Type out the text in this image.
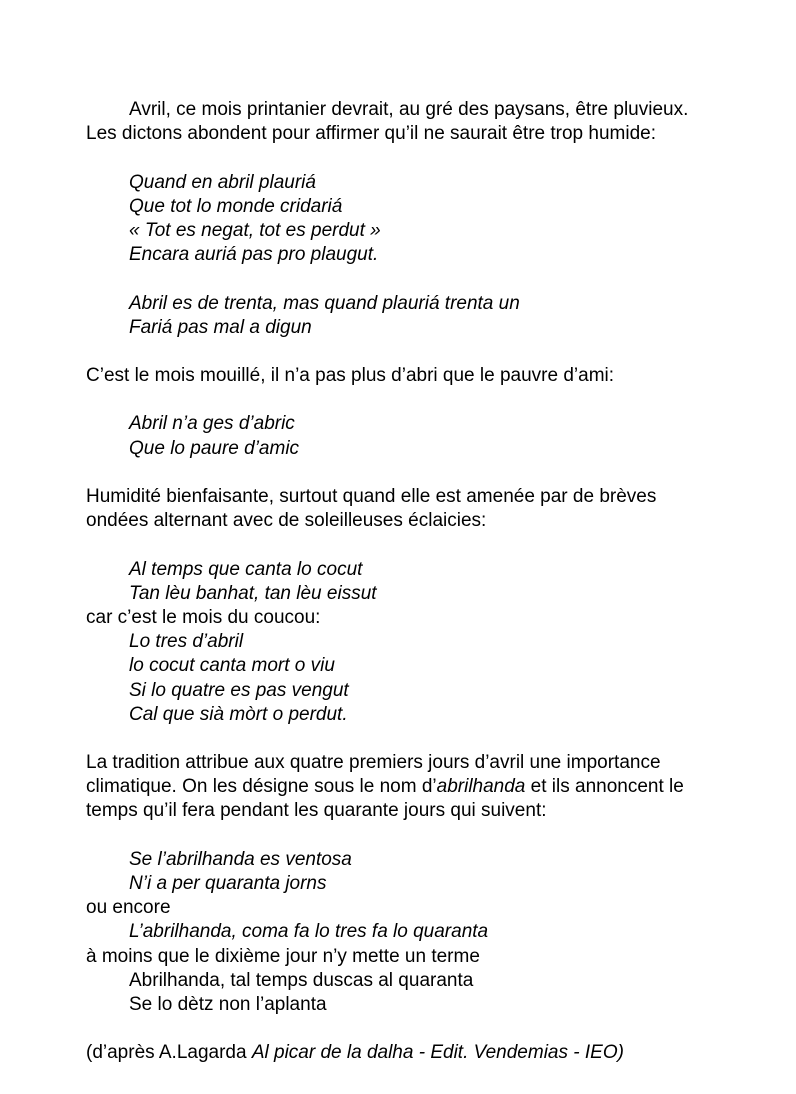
Avril, ce mois printanier devrait, au gré des paysans, être pluvieux.
Les dictons abondent pour affirmer qu’il ne saurait être trop humide:
Quand en abril plauriá
Que tot lo monde cridariá
« Tot es negat, tot es perdut »
Encara auriá pas pro plaugut.
Abril es de trenta, mas quand plauriá trenta un
Fariá pas mal a digun
C’est le mois mouillé, il n’a pas plus d’abri que le pauvre d’ami:
Abril n’a ges d’abric
Que lo paure d’amic
Humidité bienfaisante, surtout quand elle est amenée par de brèves
ondées alternant avec de soleilleuses éclaicies:
Al temps que canta lo cocut
Tan lèu banhat, tan lèu eissut
car c’est le mois du coucou:
Lo tres d’abril
lo cocut canta mort o viu
Si lo quatre es pas vengut
Cal que sià mòrt o perdut.
La tradition attribue aux quatre premiers jours d’avril une importance
climatique. On les désigne sous le nom d’abrilhanda et ils annoncent le
temps qu’il fera pendant les quarante jours qui suivent:
Se l’abrilhanda es ventosa
N’i a per quaranta jorns
ou encore
L’abrilhanda, coma fa lo tres fa lo quaranta
à moins que le dixième jour n’y mette un terme
Abrilhanda, tal temps duscas al quaranta
Se lo dètz non l’aplanta
(d’après A.Lagarda Al picar de la dalha - Edit. Vendemias - IEO)
